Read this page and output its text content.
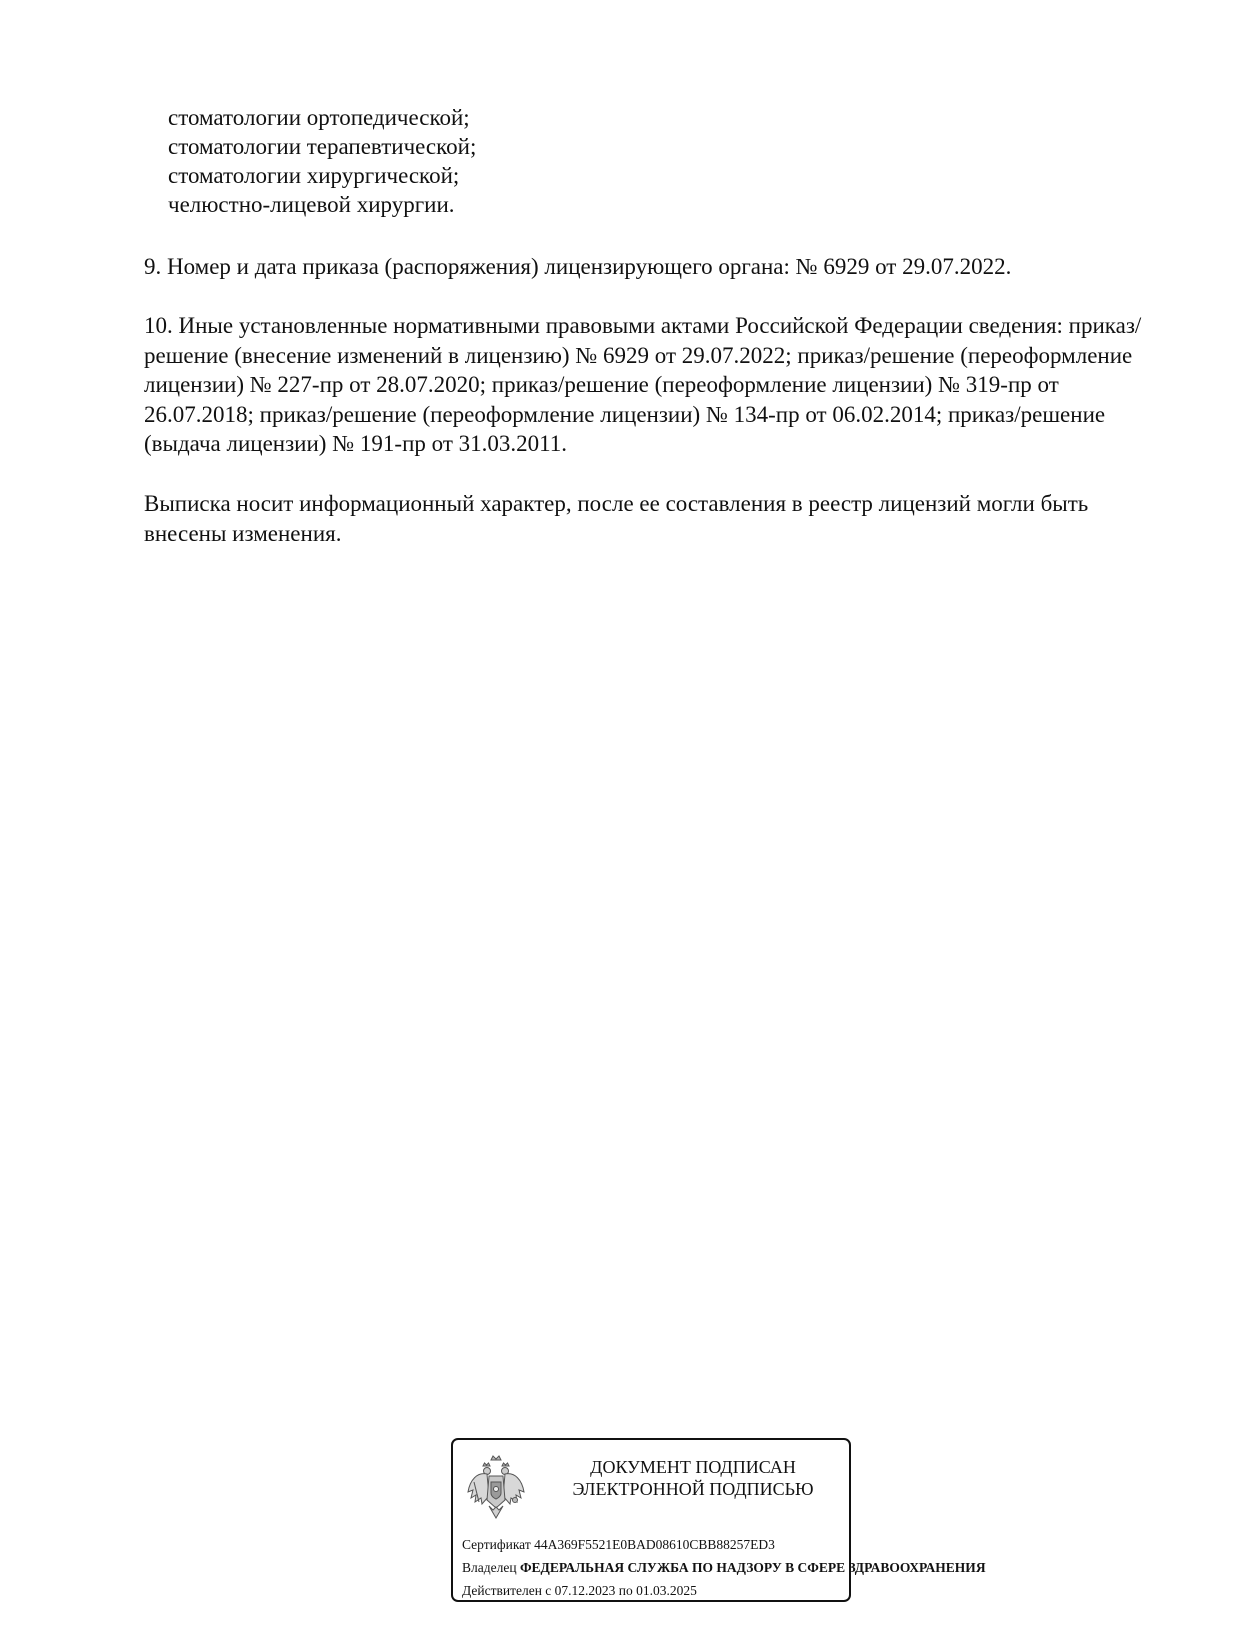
стоматологии ортопедической;
стоматологии терапевтической;
стоматологии хирургической;
челюстно-лицевой хирургии.

9. Номер и дата приказа (распоряжения) лицензирующего органа: № 6929 от 29.07.2022.

10. Иные установленные нормативными правовыми актами Российской Федерации сведения: приказ/решение (внесение изменений в лицензию) № 6929 от 29.07.2022; приказ/решение (переоформление лицензии) № 227-пр от 28.07.2020; приказ/решение (переоформление лицензии) № 319-пр от 26.07.2018; приказ/решение (переоформление лицензии) № 134-пр от 06.02.2014; приказ/решение (выдача лицензии) № 191-пр от 31.03.2011.

Выписка носит информационный характер, после ее составления в реестр лицензий могли быть внесены изменения.

ДОКУМЕНТ ПОДПИСАН
ЭЛЕКТРОННОЙ ПОДПИСЬЮ
Сертификат 44A369F5521E0BAD08610CBB88257ED3
Владелец ФЕДЕРАЛЬНАЯ СЛУЖБА ПО НАДЗОРУ В СФЕРЕ ЗДРАВООХРАНЕНИЯ
Действителен с 07.12.2023 по 01.03.2025
